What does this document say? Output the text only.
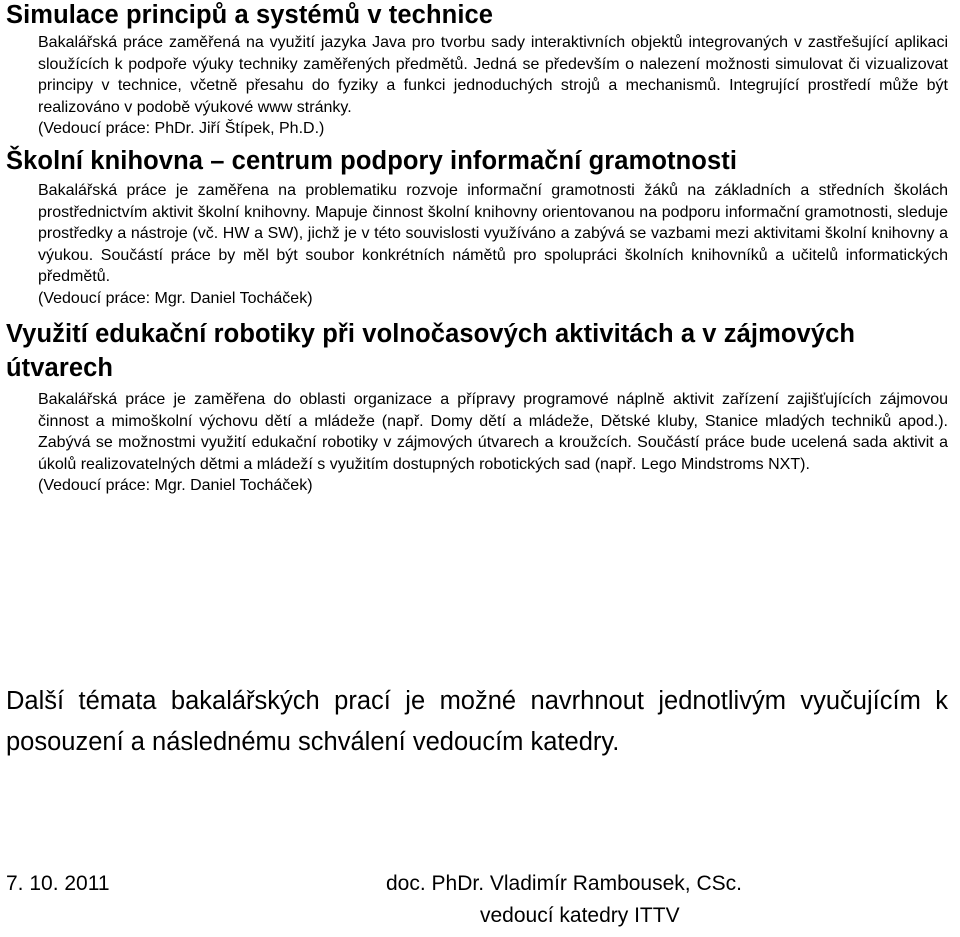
Simulace principů a systémů v technice
Bakalářská práce zaměřená na využití jazyka Java pro tvorbu sady interaktivních objektů integrovaných v zastřešující aplikaci sloužících k podpoře výuky techniky zaměřených předmětů. Jedná se především o nalezení možnosti simulovat či vizualizovat principy v technice, včetně přesahu do fyziky a funkci jednoduchých strojů a mechanismů. Integrující prostředí může být realizováno v podobě výukové www stránky.
(Vedoucí práce: PhDr. Jiří Štípek, Ph.D.)
Školní knihovna – centrum podpory informační gramotnosti
Bakalářská práce je zaměřena na problematiku rozvoje informační gramotnosti žáků na základních a středních školách prostřednictvím aktivit školní knihovny. Mapuje činnost školní knihovny orientovanou na podporu informační gramotnosti, sleduje prostředky a nástroje (vč. HW a SW), jichž je v této souvislosti využíváno a zabývá se vazbami mezi aktivitami školní knihovny a výukou. Součástí práce by měl být soubor konkrétních námětů pro spolupráci školních knihovníků a učitelů informatických předmětů.
(Vedoucí práce: Mgr. Daniel Tocháček)
Využití edukační robotiky při volnočasových aktivitách a v zájmových útvarech
Bakalářská práce je zaměřena do oblasti organizace a přípravy programové náplně aktivit zařízení zajišťujících zájmovou činnost a mimoškolní výchovu dětí a mládeže (např. Domy dětí a mládeže, Dětské kluby, Stanice mladých techniků apod.). Zabývá se možnostmi využití edukační robotiky v zájmových útvarech a kroužcích. Součástí práce bude ucelená sada aktivit a úkolů realizovatelných dětmi a mládeží s využitím dostupných robotických sad (např. Lego Mindstroms NXT).
(Vedoucí práce: Mgr. Daniel Tocháček)
Další témata bakalářských prací je možné navrhnout jednotlivým vyučujícím k posouzení a následnému schválení vedoucím katedry.
7. 10. 2011	doc. PhDr. Vladimír Rambousek, CSc.
vedoucí katedry ITTV
